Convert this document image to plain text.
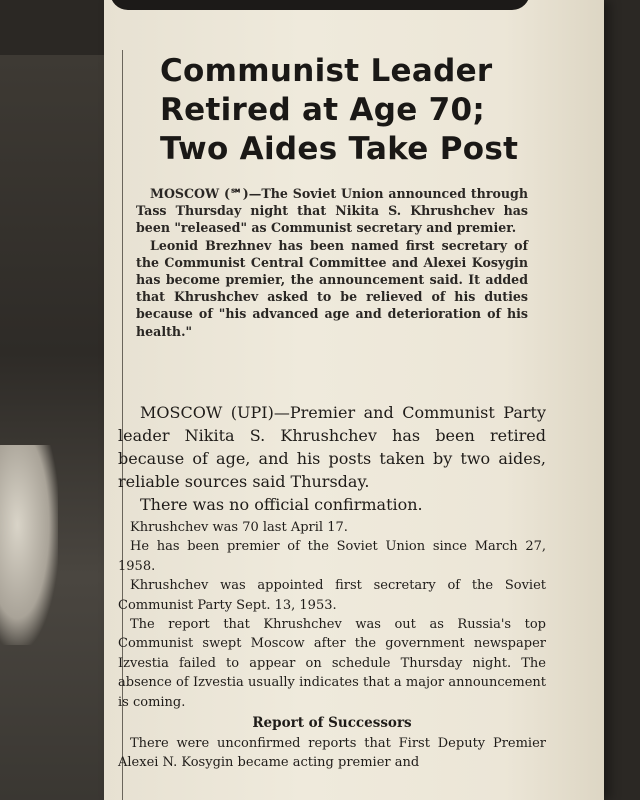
Communist Leader
Retired at Age 70;
Two Aides Take Post

MOSCOW (℠)—The Soviet Union announced through Tass Thursday night that Nikita S. Khrushchev has been "released" as Communist secretary and premier.

Leonid Brezhnev has been named first secretary of the Communist Central Committee and Alexei Kosygin has become premier, the announcement said. It added that Khrushchev asked to be relieved of his duties because of "his advanced age and deterioration of his health."

MOSCOW (UPI)—Premier and Communist Party leader Nikita S. Khrushchev has been retired because of age, and his posts taken by two aides, reliable sources said Thursday.

There was no official confirmation.

Khrushchev was 70 last April 17.

He has been premier of the Soviet Union since March 27, 1958.

Khrushchev was appointed first secretary of the Soviet Communist Party Sept. 13, 1953.

The report that Khrushchev was out as Russia's top Communist swept Moscow after the government newspaper Izvestia failed to appear on schedule Thursday night. The absence of Izvestia usually indicates that a major announcement is coming.

Report of Successors

There were unconfirmed reports that First Deputy Premier Alexei N. Kosygin became acting premier and
